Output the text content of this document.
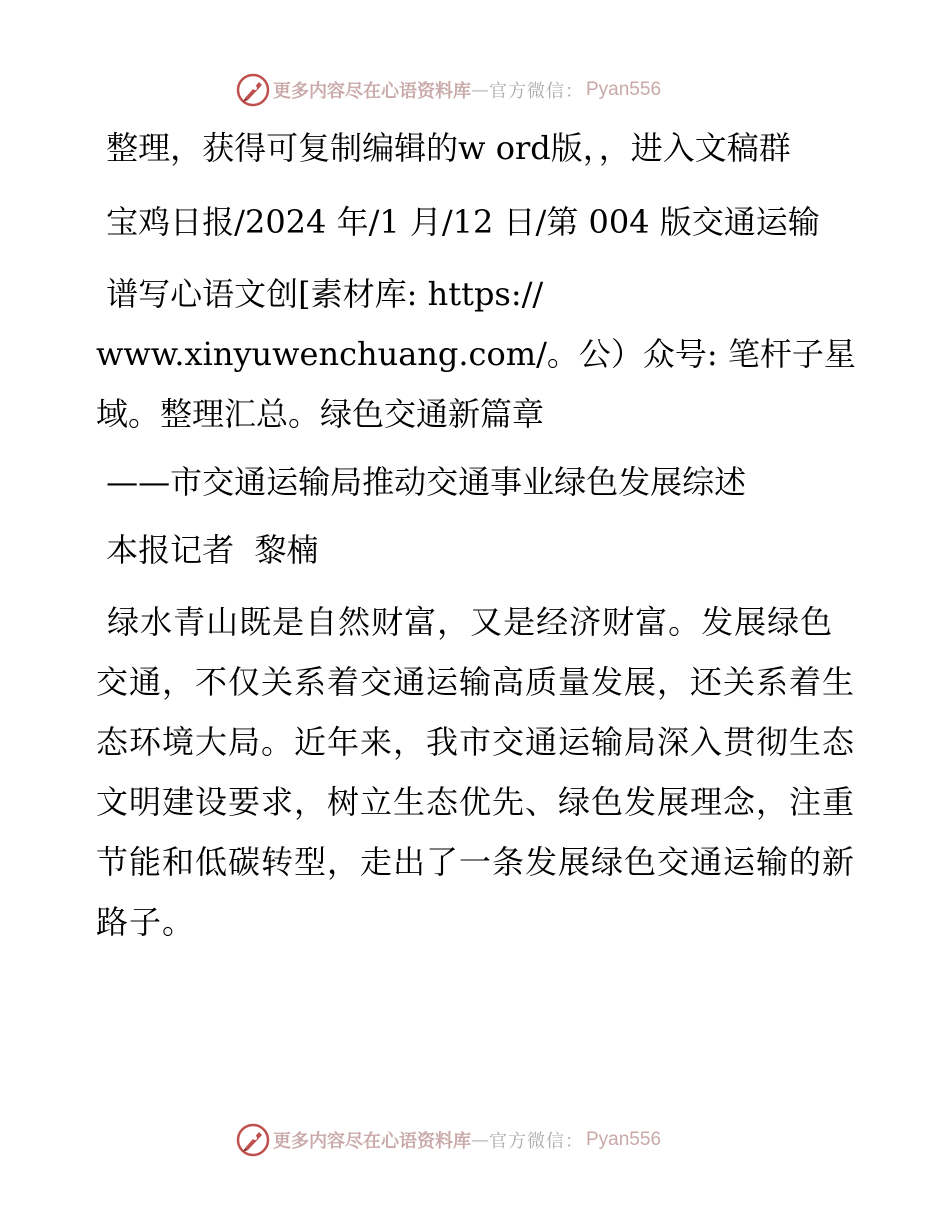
更多内容尽在心语资料库 — 官方微信： Pyan556

整理，获得可复制编辑的w ord版，，进入文稿群

宝鸡日报/2024 年/1 月/12 日/第 004 版交通运输

谱写心语文创[素材库: https://
www.xinyuwenchuang.com/。公）众号: 笔杆子星域。整理汇总。绿色交通新篇章

——市交通运输局推动交通事业绿色发展综述

本报记者  黎楠

绿水青山既是自然财富，又是经济财富。发展绿色交通，不仅关系着交通运输高质量发展，还关系着生态环境大局。近年来，我市交通运输局深入贯彻生态文明建设要求，树立生态优先、绿色发展理念，注重节能和低碳转型，走出了一条发展绿色交通运输的新路子。

更多内容尽在心语资料库 — 官方微信： Pyan556
